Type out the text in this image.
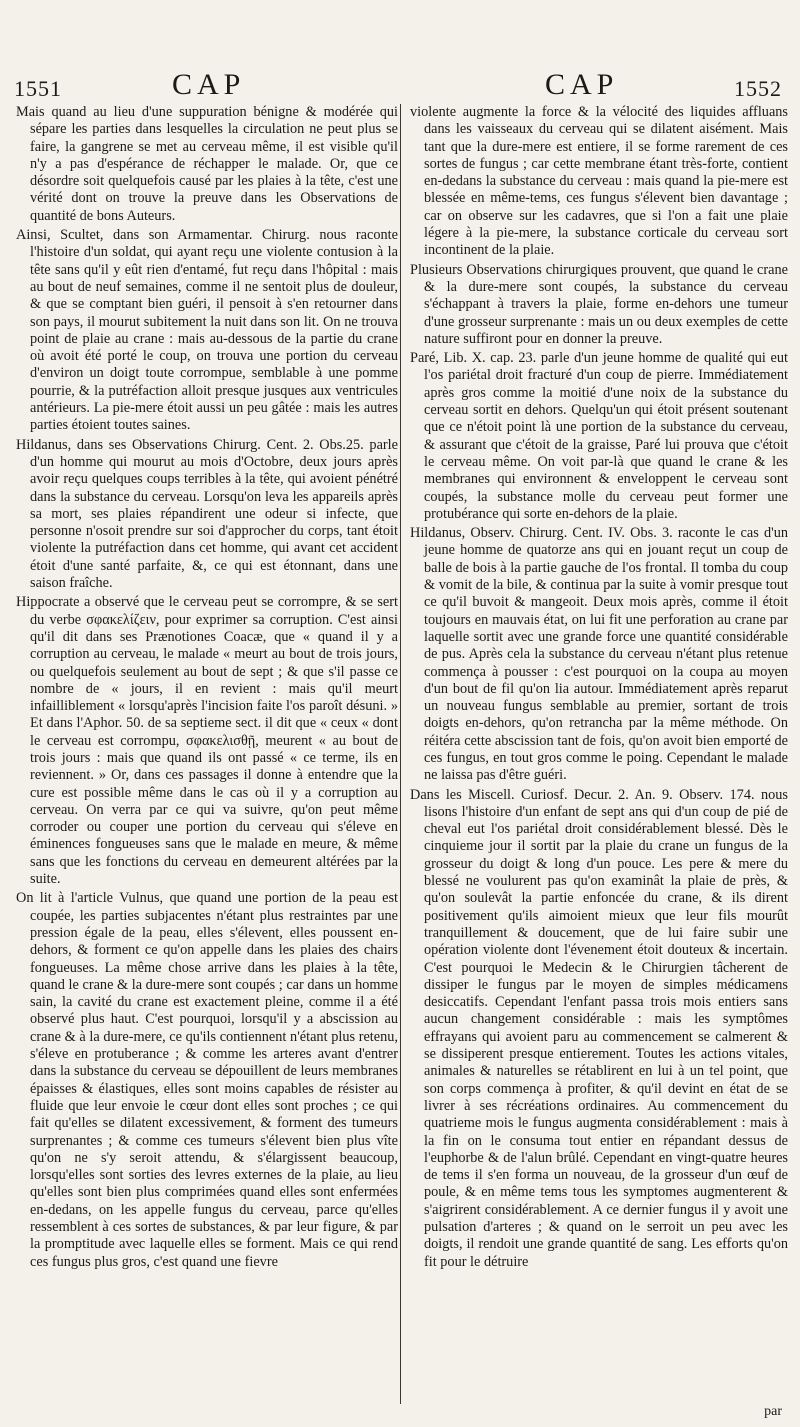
1551	CAP	CAP	1552

Mais quand au lieu d'une suppuration bénigne & modérée qui sépare les parties dans lesquelles la circulation ne peut plus se faire, la gangrene se met au cerveau même, il est visible qu'il n'y a pas d'espérance de réchapper le malade. Or, que ce désordre soit quelquefois causé par les plaies à la tête, c'est une vérité dont on trouve la preuve dans les Observations de quantité de bons Auteurs.

Ainsi, Scultet, dans son Armamentar. Chirurg. nous raconte l'histoire d'un soldat, qui ayant reçu une violente contusion à la tête sans qu'il y eût rien d'entamé, fut reçu dans l'hôpital : mais au bout de neuf semaines, comme il ne sentoit plus de douleur, & que se comptant bien guéri, il pensoit à s'en retourner dans son pays, il mourut subitement la nuit dans son lit. On ne trouva point de plaie au crane : mais au-dessous de la partie du crane où avoit été porté le coup, on trouva une portion du cerveau d'environ un doigt toute corrompue, semblable à une pomme pourrie, & la putréfaction alloit presque jusques aux ventricules antérieurs. La pie-mere étoit aussi un peu gâtée : mais les autres parties étoient toutes saines.

Hildanus, dans ses Observations Chirurg. Cent. 2. Obs.25. parle d'un homme qui mourut au mois d'Octobre, deux jours après avoir reçu quelques coups terribles à la tête, qui avoient pénétré dans la substance du cerveau. Lorsqu'on leva les appareils après sa mort, ses plaies répandirent une odeur si infecte, que personne n'osoit prendre sur soi d'approcher du corps, tant étoit violente la putréfaction dans cet homme, qui avant cet accident étoit d'une santé parfaite, &, ce qui est étonnant, dans une saison fraîche.

Hippocrate a observé que le cerveau peut se corrompre, & se sert du verbe σφακελίζειν, pour exprimer sa corruption. C'est ainsi qu'il dit dans ses Prænotiones Coacæ, que « quand il y a corruption au cerveau, le malade « meurt au bout de trois jours, ou quelquefois seulement au bout de sept ; & que s'il passe ce nombre de « jours, il en revient : mais qu'il meurt infailliblement « lorsqu'après l'incision faite l'os paroît désuni. » Et dans l'Aphor. 50. de sa septieme sect. il dit que « ceux « dont le cerveau est corrompu, σφακελισθῇ, meurent « au bout de trois jours : mais que quand ils ont passé « ce terme, ils en reviennent. » Or, dans ces passages il donne à entendre que la cure est possible même dans le cas où il y a corruption au cerveau. On verra par ce qui va suivre, qu'on peut même corroder ou couper une portion du cerveau qui s'éleve en éminences fongueuses sans que le malade en meure, & même sans que les fonctions du cerveau en demeurent altérées par la suite.

On lit à l'article Vulnus, que quand une portion de la peau est coupée, les parties subjacentes n'étant plus restraintes par une pression égale de la peau, elles s'élevent, elles poussent en-dehors, & forment ce qu'on appelle dans les plaies des chairs fongueuses. La même chose arrive dans les plaies à la tête, quand le crane & la dure-mere sont coupés ; car dans un homme sain, la cavité du crane est exactement pleine, comme il a été observé plus haut. C'est pourquoi, lorsqu'il y a abscission au crane & à la dure-mere, ce qu'ils contiennent n'étant plus retenu, s'éleve en protuberance ; & comme les arteres avant d'entrer dans la substance du cerveau se dépouillent de leurs membranes épaisses & élastiques, elles sont moins capables de résister au fluide que leur envoie le cœur dont elles sont proches ; ce qui fait qu'elles se dilatent excessivement, & forment des tumeurs surprenantes ; & comme ces tumeurs s'élevent bien plus vîte qu'on ne s'y seroit attendu, & s'élargissent beaucoup, lorsqu'elles sont sorties des levres externes de la plaie, au lieu qu'elles sont bien plus comprimées quand elles sont enfermées en-dedans, on les appelle fungus du cerveau, parce qu'elles ressemblent à ces sortes de substances, & par leur figure, & par la promptitude avec laquelle elles se forment. Mais ce qui rend ces fungus plus gros, c'est quand une fievre

violente augmente la force & la vélocité des liquides affluans dans les vaisseaux du cerveau qui se dilatent aisément. Mais tant que la dure-mere est entiere, il se forme rarement de ces sortes de fungus ; car cette membrane étant très-forte, contient en-dedans la substance du cerveau : mais quand la pie-mere est blessée en même-tems, ces fungus s'élevent bien davantage ; car on observe sur les cadavres, que si l'on a fait une plaie légere à la pie-mere, la substance corticale du cerveau sort incontinent de la plaie.

Plusieurs Observations chirurgiques prouvent, que quand le crane & la dure-mere sont coupés, la substance du cerveau s'échappant à travers la plaie, forme en-dehors une tumeur d'une grosseur surprenante : mais un ou deux exemples de cette nature suffiront pour en donner la preuve.

Paré, Lib. X. cap. 23. parle d'un jeune homme de qualité qui eut l'os pariétal droit fracturé d'un coup de pierre. Immédiatement après gros comme la moitié d'une noix de la substance du cerveau sortit en dehors. Quelqu'un qui étoit présent soutenant que ce n'étoit point là une portion de la substance du cerveau, & assurant que c'étoit de la graisse, Paré lui prouva que c'étoit le cerveau même. On voit par-là que quand le crane & les membranes qui environnent & enveloppent le cerveau sont coupés, la substance molle du cerveau peut former une protubérance qui sorte en-dehors de la plaie.

Hildanus, Observ. Chirurg. Cent. IV. Obs. 3. raconte le cas d'un jeune homme de quatorze ans qui en jouant reçut un coup de balle de bois à la partie gauche de l'os frontal. Il tomba du coup & vomit de la bile, & continua par la suite à vomir presque tout ce qu'il buvoit & mangeoit. Deux mois après, comme il étoit toujours en mauvais état, on lui fit une perforation au crane par laquelle sortit avec une grande force une quantité considérable de pus. Après cela la substance du cerveau n'étant plus retenue commença à pousser : c'est pourquoi on la coupa au moyen d'un bout de fil qu'on lia autour. Immédiatement après reparut un nouveau fungus semblable au premier, sortant de trois doigts en-dehors, qu'on retrancha par la même méthode. On réitéra cette abscission tant de fois, qu'on avoit bien emporté de ces fungus, en tout gros comme le poing. Cependant le malade ne laissa pas d'être guéri.

Dans les Miscell. Curiosf. Decur. 2. An. 9. Observ. 174. nous lisons l'histoire d'un enfant de sept ans qui d'un coup de pié de cheval eut l'os pariétal droit considérablement blessé. Dès le cinquieme jour il sortit par la plaie du crane un fungus de la grosseur du doigt & long d'un pouce. Les pere & mere du blessé ne voulurent pas qu'on examinât la plaie de près, & qu'on soulevât la partie enfoncée du crane, & ils dirent positivement qu'ils aimoient mieux que leur fils mourût tranquillement & doucement, que de lui faire subir une opération violente dont l'évenement étoit douteux & incertain. C'est pourquoi le Medecin & le Chirurgien tâcherent de dissiper le fungus par le moyen de simples médicamens desiccatifs. Cependant l'enfant passa trois mois entiers sans aucun changement considérable : mais les symptômes effrayans qui avoient paru au commencement se calmerent & se dissiperent presque entierement. Toutes les actions vitales, animales & naturelles se rétablirent en lui à un tel point, que son corps commença à profiter, & qu'il devint en état de se livrer à ses récréations ordinaires. Au commencement du quatrieme mois le fungus augmenta considérablement : mais à la fin on le consuma tout entier en répandant dessus de l'euphorbe & de l'alun brûlé. Cependant en vingt-quatre heures de tems il s'en forma un nouveau, de la grosseur d'un œuf de poule, & en même tems tous les symptomes augmenterent & s'aigrirent considérablement. A ce dernier fungus il y avoit une pulsation d'arteres ; & quand on le serroit un peu avec les doigts, il rendoit une grande quantité de sang. Les efforts qu'on fit pour le détruire

par
